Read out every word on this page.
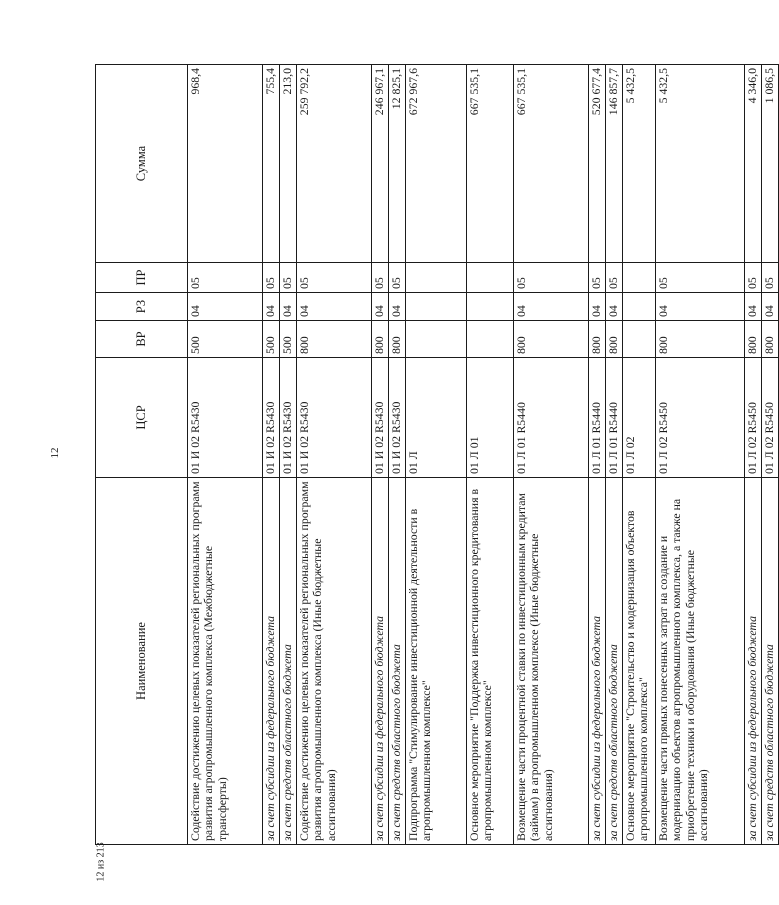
12
12 из 213
Наименование	ЦСР	ВР	РЗ	ПР	Сумма
Содействие достижению целевых показателей региональных программ развития агропромышленного комплекса (Межбюджетные трансферты)	01 И 02 R5430	500	04	05	968,4
за счет субсидии из федерального бюджета	01 И 02 R5430	500	04	05	755,4
за счет средств областного бюджета	01 И 02 R5430	500	04	05	213,0
Содействие достижению целевых показателей региональных программ развития агропромышленного комплекса (Иные бюджетные ассигнования)	01 И 02 R5430	800	04	05	259 792,2
за счет субсидии из федерального бюджета	01 И 02 R5430	800	04	05	246 967,1
за счет средств областного бюджета	01 И 02 R5430	800	04	05	12 825,1
Подпрограмма "Стимулирование инвестиционной деятельности в агропромышленном комплексе"	01 Л				672 967,6
Основное мероприятие "Поддержка инвестиционного кредитования в агропромышленном комплексе"	01 Л 01				667 535,1
Возмещение части процентной ставки по инвестиционным кредитам (займам) в агропромышленном комплексе (Иные бюджетные ассигнования)	01 Л 01 R5440	800	04	05	667 535,1
за счет субсидии из федерального бюджета	01 Л 01 R5440	800	04	05	520 677,4
за счет средств областного бюджета	01 Л 01 R5440	800	04	05	146 857,7
Основное мероприятие "Строительство и модернизация объектов агропромышленного комплекса"	01 Л 02				5 432,5
Возмещение части прямых понесенных затрат на создание и модернизацию объектов агропромышленного комплекса, а также на приобретение техники и оборудования (Иные бюджетные ассигнования)	01 Л 02 R5450	800	04	05	5 432,5
за счет субсидии из федерального бюджета	01 Л 02 R5450	800	04	05	4 346,0
за счет средств областного бюджета	01 Л 02 R5450	800	04	05	1 086,5
